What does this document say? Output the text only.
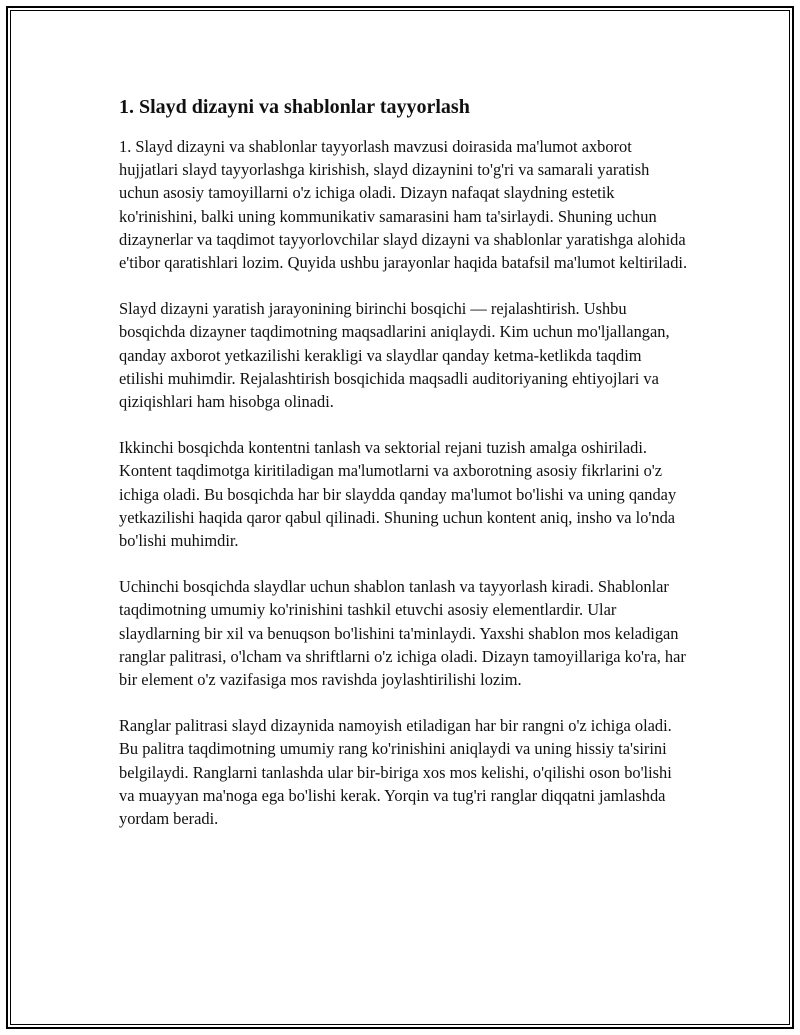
1. Slayd dizayni va shablonlar tayyorlash

1. Slayd dizayni va shablonlar tayyorlash mavzusi doirasida ma'lumot axborot hujjatlari slayd tayyorlashga kirishish, slayd dizaynini to'g'ri va samarali yaratish uchun asosiy tamoyillarni o'z ichiga oladi. Dizayn nafaqat slaydning estetik ko'rinishini, balki uning kommunikativ samarasini ham ta'sirlaydi. Shuning uchun dizaynerlar va taqdimot tayyorlovchilar slayd dizayni va shablonlar yaratishga alohida e'tibor qaratishlari lozim. Quyida ushbu jarayonlar haqida batafsil ma'lumot keltiriladi.

Slayd dizayni yaratish jarayonining birinchi bosqichi — rejalashtirish. Ushbu bosqichda dizayner taqdimotning maqsadlarini aniqlaydi. Kim uchun mo'ljallangan, qanday axborot yetkazilishi kerakligi va slaydlar qanday ketma-ketlikda taqdim etilishi muhimdir. Rejalashtirish bosqichida maqsadli auditoriyaning ehtiyojlari va qiziqishlari ham hisobga olinadi.

Ikkinchi bosqichda kontentni tanlash va sektorial rejani tuzish amalga oshiriladi. Kontent taqdimotga kiritiladigan ma'lumotlarni va axborotning asosiy fikrlarini o'z ichiga oladi. Bu bosqichda har bir slaydda qanday ma'lumot bo'lishi va uning qanday yetkazilishi haqida qaror qabul qilinadi. Shuning uchun kontent aniq, insho va lo'nda bo'lishi muhimdir.

Uchinchi bosqichda slaydlar uchun shablon tanlash va tayyorlash kiradi. Shablonlar taqdimotning umumiy ko'rinishini tashkil etuvchi asosiy elementlardir. Ular slaydlarning bir xil va benuqson bo'lishini ta'minlaydi. Yaxshi shablon mos keladigan ranglar palitrasi, o'lcham va shriftlarni o'z ichiga oladi. Dizayn tamoyillariga ko'ra, har bir element o'z vazifasiga mos ravishda joylashtirilishi lozim.

Ranglar palitrasi slayd dizaynida namoyish etiladigan har bir rangni o'z ichiga oladi. Bu palitra taqdimotning umumiy rang ko'rinishini aniqlaydi va uning hissiy ta'sirini belgilaydi. Ranglarni tanlashda ular bir-biriga xos mos kelishi, o'qilishi oson bo'lishi va muayyan ma'noga ega bo'lishi kerak. Yorqin va tug'ri ranglar diqqatni jamlashda yordam beradi.
